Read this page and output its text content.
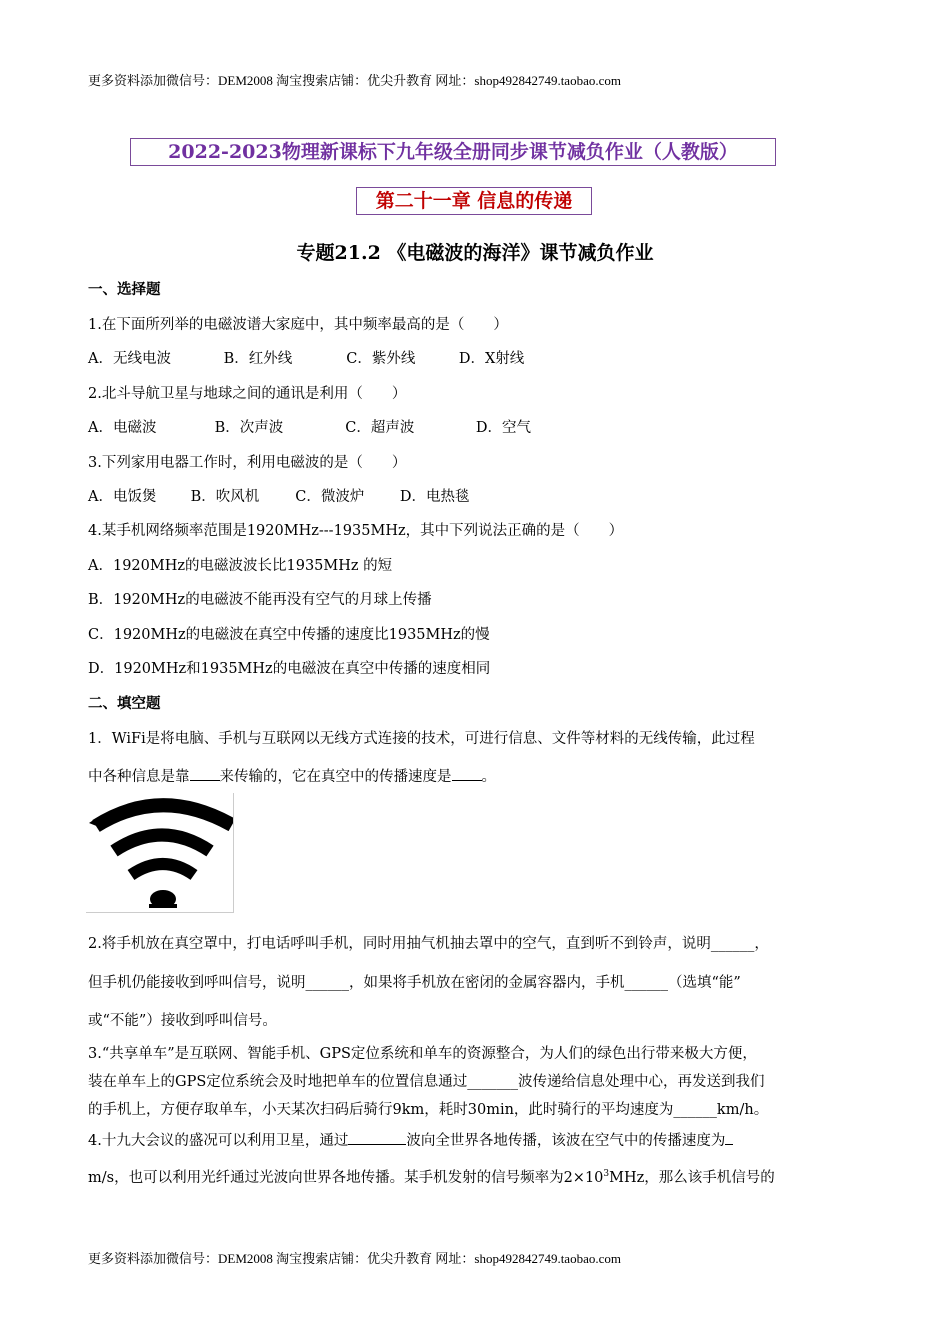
更多资料添加微信号：DEM2008 淘宝搜索店铺：优尖升教育 网址：shop492842749.taobao.com
2022-2023物理新课标下九年级全册同步课节减负作业（人教版）
第二十一章 信息的传递
专题21.2 《电磁波的海洋》课节减负作业
一、选择题
1.在下面所列举的电磁波谱大家庭中，其中频率最高的是（　　）
A．无线电波	B．红外线	C．紫外线	D．X射线
2.北斗导航卫星与地球之间的通讯是利用（　　）
A．电磁波	B．次声波	C．超声波	D．空气
3.下列家用电器工作时，利用电磁波的是（　　）
A．电饭煲 B．吹风机 C．微波炉 D．电热毯
4.某手机网络频率范围是1920MHz---1935MHz，其中下列说法正确的是（　　）
A．1920MHz的电磁波波长比1935MHz 的短
B．1920MHz的电磁波不能再没有空气的月球上传播
C．1920MHz的电磁波在真空中传播的速度比1935MHz的慢
D．1920MHz和1935MHz的电磁波在真空中传播的速度相同
二、填空题
1．WiFi是将电脑、手机与互联网以无线方式连接的技术，可进行信息、文件等材料的无线传输，此过程
中各种信息是靠 来传输的，它在真空中的传播速度是 。
2.将手机放在真空罩中，打电话呼叫手机，同时用抽气机抽去罩中的空气，直到听不到铃声，说明______，
但手机仍能接收到呼叫信号，说明______，如果将手机放在密闭的金属容器内，手机______（选填“能”
或“不能”）接收到呼叫信号。
3.“共享单车”是互联网、智能手机、GPS定位系统和单车的资源整合，为人们的绿色出行带来极大方便，
装在单车上的GPS定位系统会及时地把单车的位置信息通过_______波传递给信息处理中心，再发送到我们
的手机上，方便存取单车，小天某次扫码后骑行9km，耗时30min，此时骑行的平均速度为______km/h。
4.十九大会议的盛况可以利用卫星，通过	波向全世界各地传播，该波在空气中的传播速度为
m/s，也可以利用光纤通过光波向世界各地传播。某手机发射的信号频率为$2\times 10^3MHz$，那么该手机信号的
更多资料添加微信号：DEM2008 淘宝搜索店铺：优尖升教育 网址：shop492842749.taobao.com
